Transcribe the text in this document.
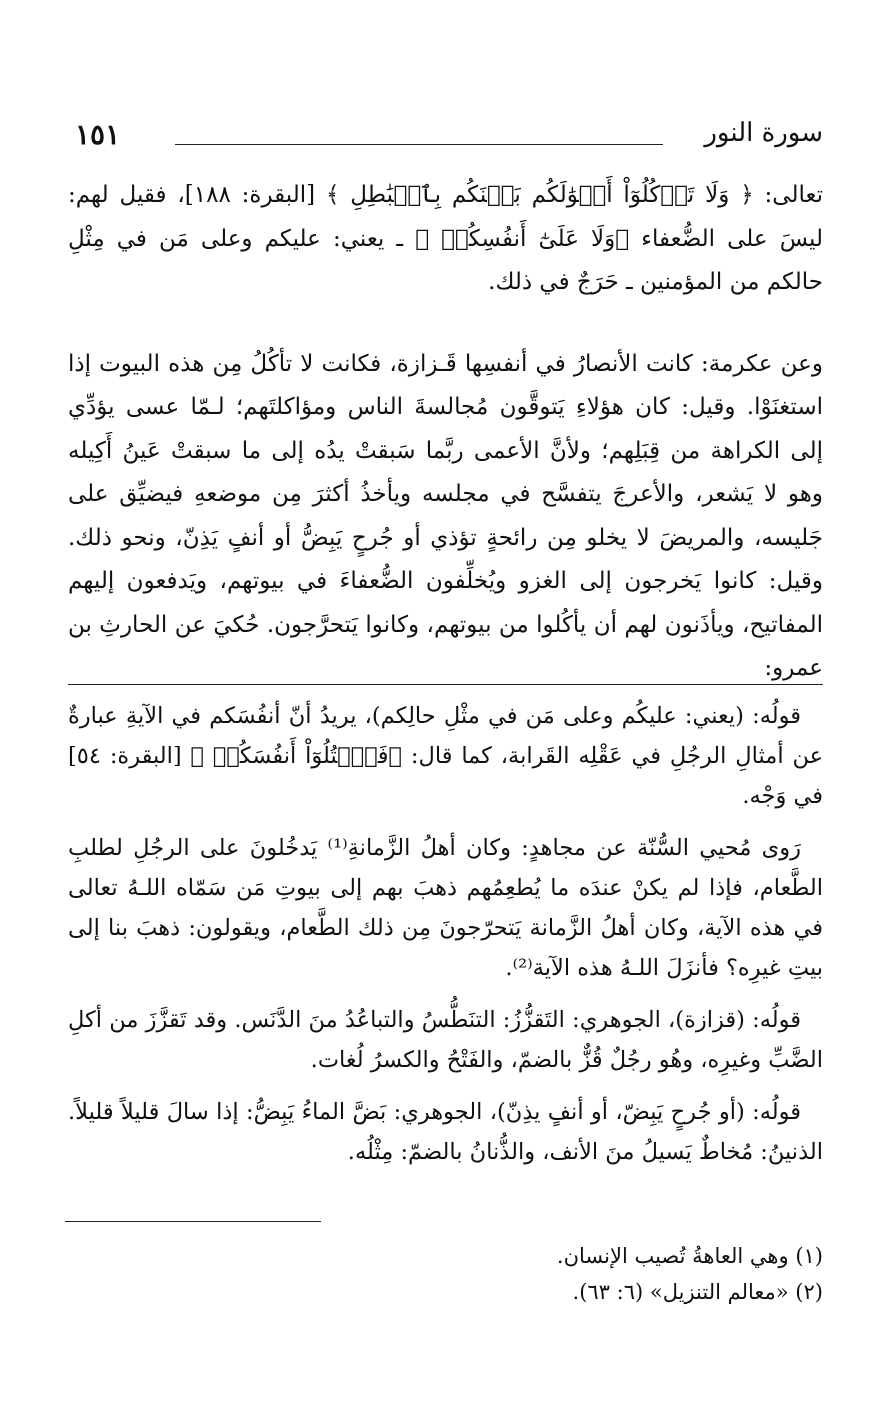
سورة النور
١٥١

تعالى: ﴿ وَلَا تَأۡكُلُوٓاْ أَمۡوَٰلَكُم بَيۡنَكُم بِٱلۡبَٰطِلِ ﴾ [البقرة: ١٨٨]، فقيل لهم: ليسَ على الضُّعفاء ﴿وَلَا عَلَىٰٓ أَنفُسِكُمۡ ﴾ ـ يعني: عليكم وعلى مَن في مِثْلِ حالكم من المؤمنين ـ حَرَجٌ في ذلك.

وعن عكرمة: كانت الأنصارُ في أنفسِها قَـزازة، فكانت لا تأكُلُ مِن هذه البيوت إذا استغنَوْا. وقيل: كان هؤلاءِ يَتوقَّون مُجالسةَ الناس ومؤاكلتَهم؛ لـمّا عسى يؤدِّي إلى الكراهة من قِبَلِهم؛ ولأنَّ الأعمى ربَّما سَبقتْ يدُه إلى ما سبقتْ عَينُ أَكِيله وهو لا يَشعر، والأعرجَ يتفسَّح في مجلسه ويأخذُ أكثرَ مِن موضعهِ فيضيِّق على جَليسه، والمريضَ لا يخلو مِن رائحةٍ تؤذي أو جُرحٍ يَبِضُّ أو أنفٍ يَذِنّ، ونحو ذلك. وقيل: كانوا يَخرجون إلى الغزو ويُخلِّفون الضُّعفاءَ في بيوتهم، ويَدفعون إليهم المفاتيح، ويأذَنون لهم أن يأكُلوا من بيوتهم، وكانوا يَتحرَّجون. حُكيَ عن الحارثِ بن عمرو:

قولُه: (يعني: عليكُم وعلى مَن في مثْلِ حالِكم)، يريدُ أنّ أنفُسَكم في الآيةِ عبارةٌ عن أمثالِ الرجُلِ في عَقْلِه القَرابة، كما قال: ﴿فَٱقۡتُلُوٓاْ أَنفُسَكُمۡ ﴾ [البقرة: ٥٤] في وَجْه.

رَوى مُحيي السُّنّة عن مجاهدٍ: وكان أهلُ الزَّمانةِ⁽¹⁾ يَدخُلونَ على الرجُلِ لطلبِ الطَّعام، فإذا لم يكنْ عندَه ما يُطعِمُهم ذهبَ بهم إلى بيوتِ مَن سَمّاه اللـهُ تعالى في هذه الآية، وكان أهلُ الزَّمانة يَتحرّجونَ مِن ذلك الطَّعام، ويقولون: ذهبَ بنا إلى بيتِ غيرِه؟ فأنزَلَ اللـهُ هذه الآية⁽²⁾.

قولُه: (قزازة)، الجوهري: التَقزُّزُ: التنَطُّسُ والتباعُدُ منَ الدَّنَس. وقد تَقزَّزَ من أكلِ الضَّبِّ وغيرِه، وهُو رجُلٌ قُزٌّ بالضمّ، والفَتْحُ والكسرُ لُغات.

قولُه: (أو جُرحٍ يَبِضّ، أو أنفٍ يذِنّ)، الجوهري: بَضَّ الماءُ يَبِضُّ: إذا سالَ قليلاً قليلاً. الذنينُ: مُخاطٌ يَسيلُ منَ الأنف، والذُّنانُ بالضمّ: مِثْلُه.

(١) وهي العاهةُ تُصيب الإنسان.

(٢) «معالم التنزيل» (٦: ٦٣).
